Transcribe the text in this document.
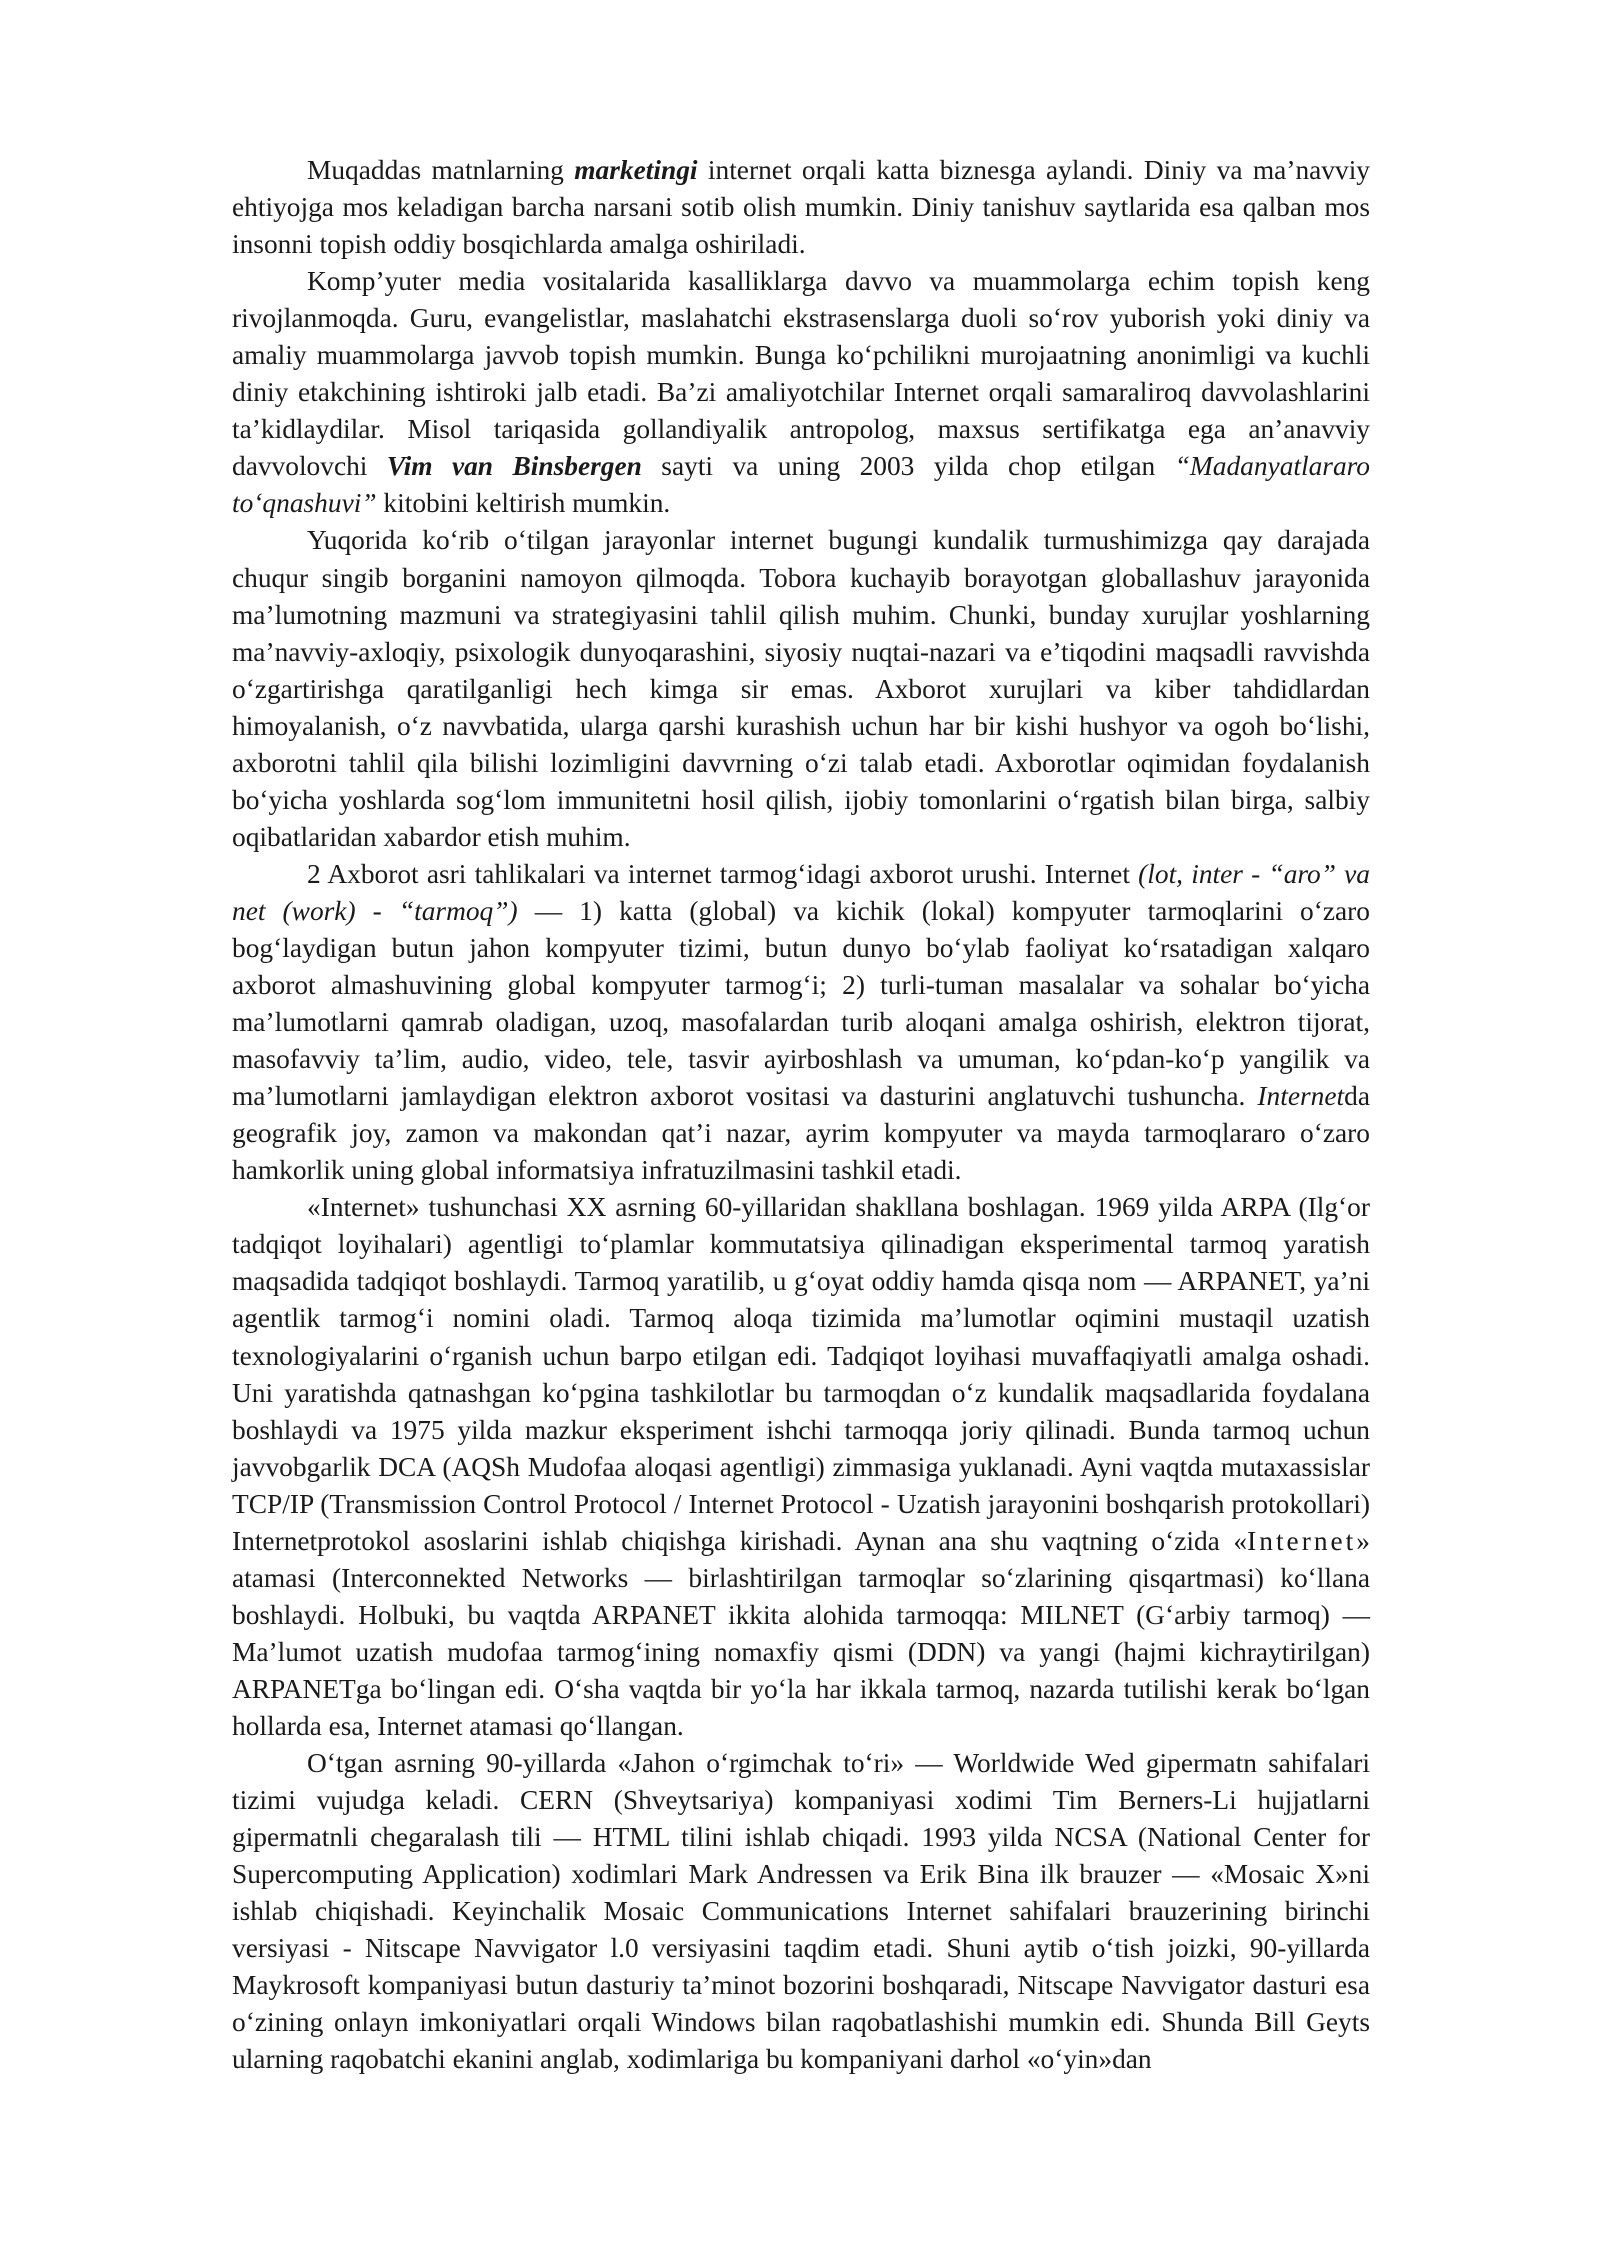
Muqaddas matnlarning marketingi internet orqali katta biznesga aylandi. Diniy va ma’navviy ehtiyojga mos keladigan barcha narsani sotib olish mumkin. Diniy tanishuv saytlarida esa qalban mos insonni topish oddiy bosqichlarda amalga oshiriladi.

Komp’yuter media vositalarida kasalliklarga davvo va muammolarga echim topish keng rivojlanmoqda. Guru, evangelistlar, maslahatchi ekstrasenslarga duoli so‘rov yuborish yoki diniy va amaliy muammolarga javvob topish mumkin. Bunga ko‘pchilikni murojaatning anonimligi va kuchli diniy etakchining ishtiroki jalb etadi. Ba’zi amaliyotchilar Internet orqali samaraliroq davvolashlarini ta’kidlaydilar. Misol tariqasida gollandiyalik antropolog, maxsus sertifikatga ega an’anavviy davvolovchi Vim van Binsbergen sayti va uning 2003 yilda chop etilgan “Madanyatlararo to‘qnashuvi” kitobini keltirish mumkin.

Yuqorida ko‘rib o‘tilgan jarayonlar internet bugungi kundalik turmushimizga qay darajada chuqur singib borganini namoyon qilmoqda. Tobora kuchayib borayotgan globallashuv jarayonida ma’lumotning mazmuni va strategiyasini tahlil qilish muhim. Chunki, bunday xurujlar yoshlarning ma’navviy-axloqiy, psixologik dunyoqarashini, siyosiy nuqtai-nazari va e’tiqodini maqsadli ravvishda o‘zgartirishga qaratilganligi hech kimga sir emas. Axborot xurujlari va kiber tahdidlardan himoyalanish, o‘z navvbatida, ularga qarshi kurashish uchun har bir kishi hushyor va ogoh bo‘lishi, axborotni tahlil qila bilishi lozimligini davvrning o‘zi talab etadi. Axborotlar oqimidan foydalanish bo‘yicha yoshlarda sog‘lom immunitetni hosil qilish, ijobiy tomonlarini o‘rgatish bilan birga, salbiy oqibatlaridan xabardor etish muhim.

2 Axborot asri tahlikalari va internet tarmog‘idagi axborot urushi. Internet (lot, inter - “aro” va net (work) - “tarmoq”) — 1) katta (global) va kichik (lokal) kompyuter tarmoqlarini o‘zaro bog‘laydigan butun jahon kompyuter tizimi, butun dunyo bo‘ylab faoliyat ko‘rsatadigan xalqaro axborot almashuvining global kompyuter tarmog‘i; 2) turli-tuman masalalar va sohalar bo‘yicha ma’lumotlarni qamrab oladigan, uzoq, masofalardan turib aloqani amalga oshirish, elektron tijorat, masofavviy ta’lim, audio, video, tele, tasvir ayirboshlash va umuman, ko‘pdan-ko‘p yangilik va ma’lumotlarni jamlaydigan elektron axborot vositasi va dasturini anglatuvchi tushuncha. Internetda geografik joy, zamon va makondan qat’i nazar, ayrim kompyuter va mayda tarmoqlararo o‘zaro hamkorlik uning global informatsiya infratuzilmasini tashkil etadi.

«Internet» tushunchasi XX asrning 60-yillaridan shakllana boshlagan. 1969 yilda ARPA (Ilg‘or tadqiqot loyihalari) agentligi to‘plamlar kommutatsiya qilinadigan eksperimental tarmoq yaratish maqsadida tadqiqot boshlaydi. Tarmoq yaratilib, u g‘oyat oddiy hamda qisqa nom — ARPANET, ya’ni agentlik tarmog‘i nomini oladi. Tarmoq aloqa tizimida ma’lumotlar oqimini mustaqil uzatish texnologiyalarini o‘rganish uchun barpo etilgan edi. Tadqiqot loyihasi muvaffaqiyatli amalga oshadi. Uni yaratishda qatnashgan ko‘pgina tashkilotlar bu tarmoqdan o‘z kundalik maqsadlarida foydalana boshlaydi va 1975 yilda mazkur eksperiment ishchi tarmoqqa joriy qilinadi. Bunda tarmoq uchun javvobgarlik DCA (AQSh Mudofaa aloqasi agentligi) zimmasiga yuklanadi. Ayni vaqtda mutaxassislar TCP/IP (Transmission Control Protocol / Internet Protocol - Uzatish jarayonini boshqarish protokollari) Internetprotokol asoslarini ishlab chiqishga kirishadi. Aynan ana shu vaqtning o‘zida «Internet» atamasi (Interconnekted Networks — birlashtirilgan tarmoqlar so‘zlarining qisqartmasi) ko‘llana boshlaydi. Holbuki, bu vaqtda ARPANET ikkita alohida tarmoqqa: MILNET (G‘arbiy tarmoq) — Ma’lumot uzatish mudofaa tarmog‘ining nomaxfiy qismi (DDN) va yangi (hajmi kichraytirilgan) ARPANETga bo‘lingan edi. O‘sha vaqtda bir yo‘la har ikkala tarmoq, nazarda tutilishi kerak bo‘lgan hollarda esa, Internet atamasi qo‘llangan.

O‘tgan asrning 90-yillarda «Jahon o‘rgimchak to‘ri» — Worldwide Wed gipermatn sahifalari tizimi vujudga keladi. CERN (Shveytsariya) kompaniyasi xodimi Tim Berners-Li hujjatlarni gipermatnli chegaralash tili — HTML tilini ishlab chiqadi. 1993 yilda NCSA (National Center for Supercomputing Application) xodimlari Mark Andressen va Erik Bina ilk brauzer — «Mosaic X»ni ishlab chiqishadi. Keyinchalik Mosaic Communications Internet sahifalari brauzerining birinchi versiyasi - Nitscape Navvigator l.0 versiyasini taqdim etadi. Shuni aytib o‘tish joizki, 90-yillarda Maykrosoft kompaniyasi butun dasturiy ta’minot bozorini boshqaradi, Nitscape Navvigator dasturi esa o‘zining onlayn imkoniyatlari orqali Windows bilan raqobatlashishi mumkin edi. Shunda Bill Geyts ularning raqobatchi ekanini anglab, xodimlariga bu kompaniyani darhol «o‘yin»dan
